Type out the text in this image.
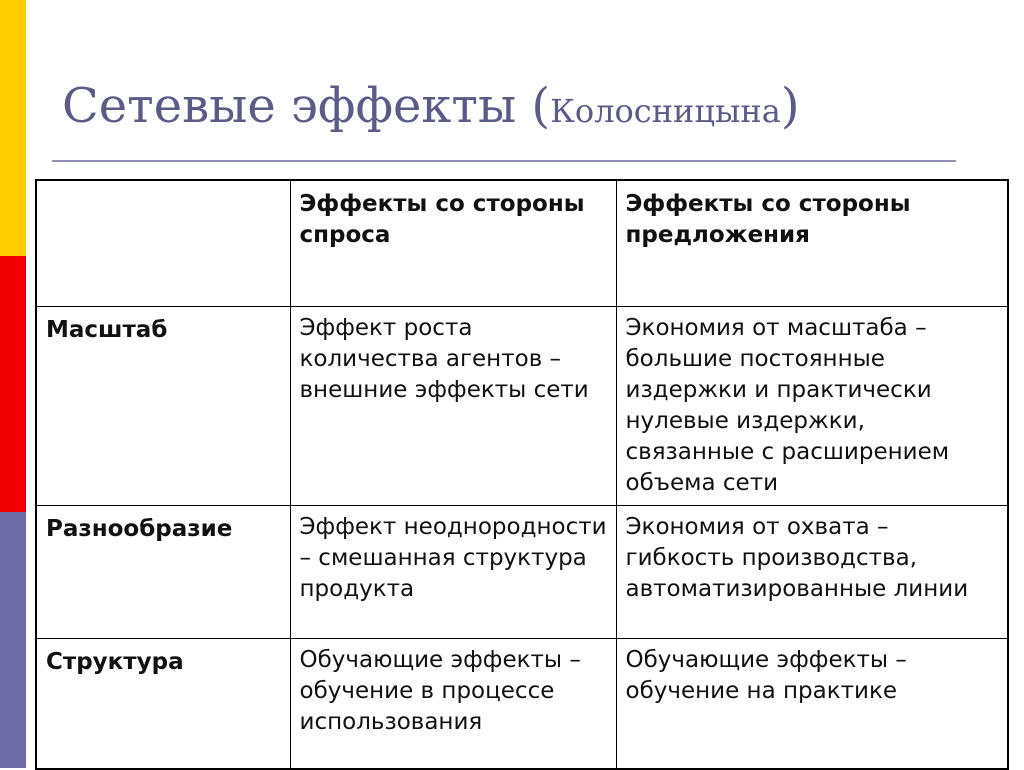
Сетевые эффекты (Колосницына)
	Эффекты со стороны спроса	Эффекты со стороны предложения
Масштаб	Эффект роста количества агентов – внешние эффекты сети	Экономия от масштаба – большие постоянные издержки и практически нулевые издержки, связанные с расширением объема сети
Разнообразие	Эффект неоднородности – смешанная структура продукта	Экономия от охвата – гибкость производства, автоматизированные линии
Структура	Обучающие эффекты – обучение в процессе использования	Обучающие эффекты – обучение на практике
